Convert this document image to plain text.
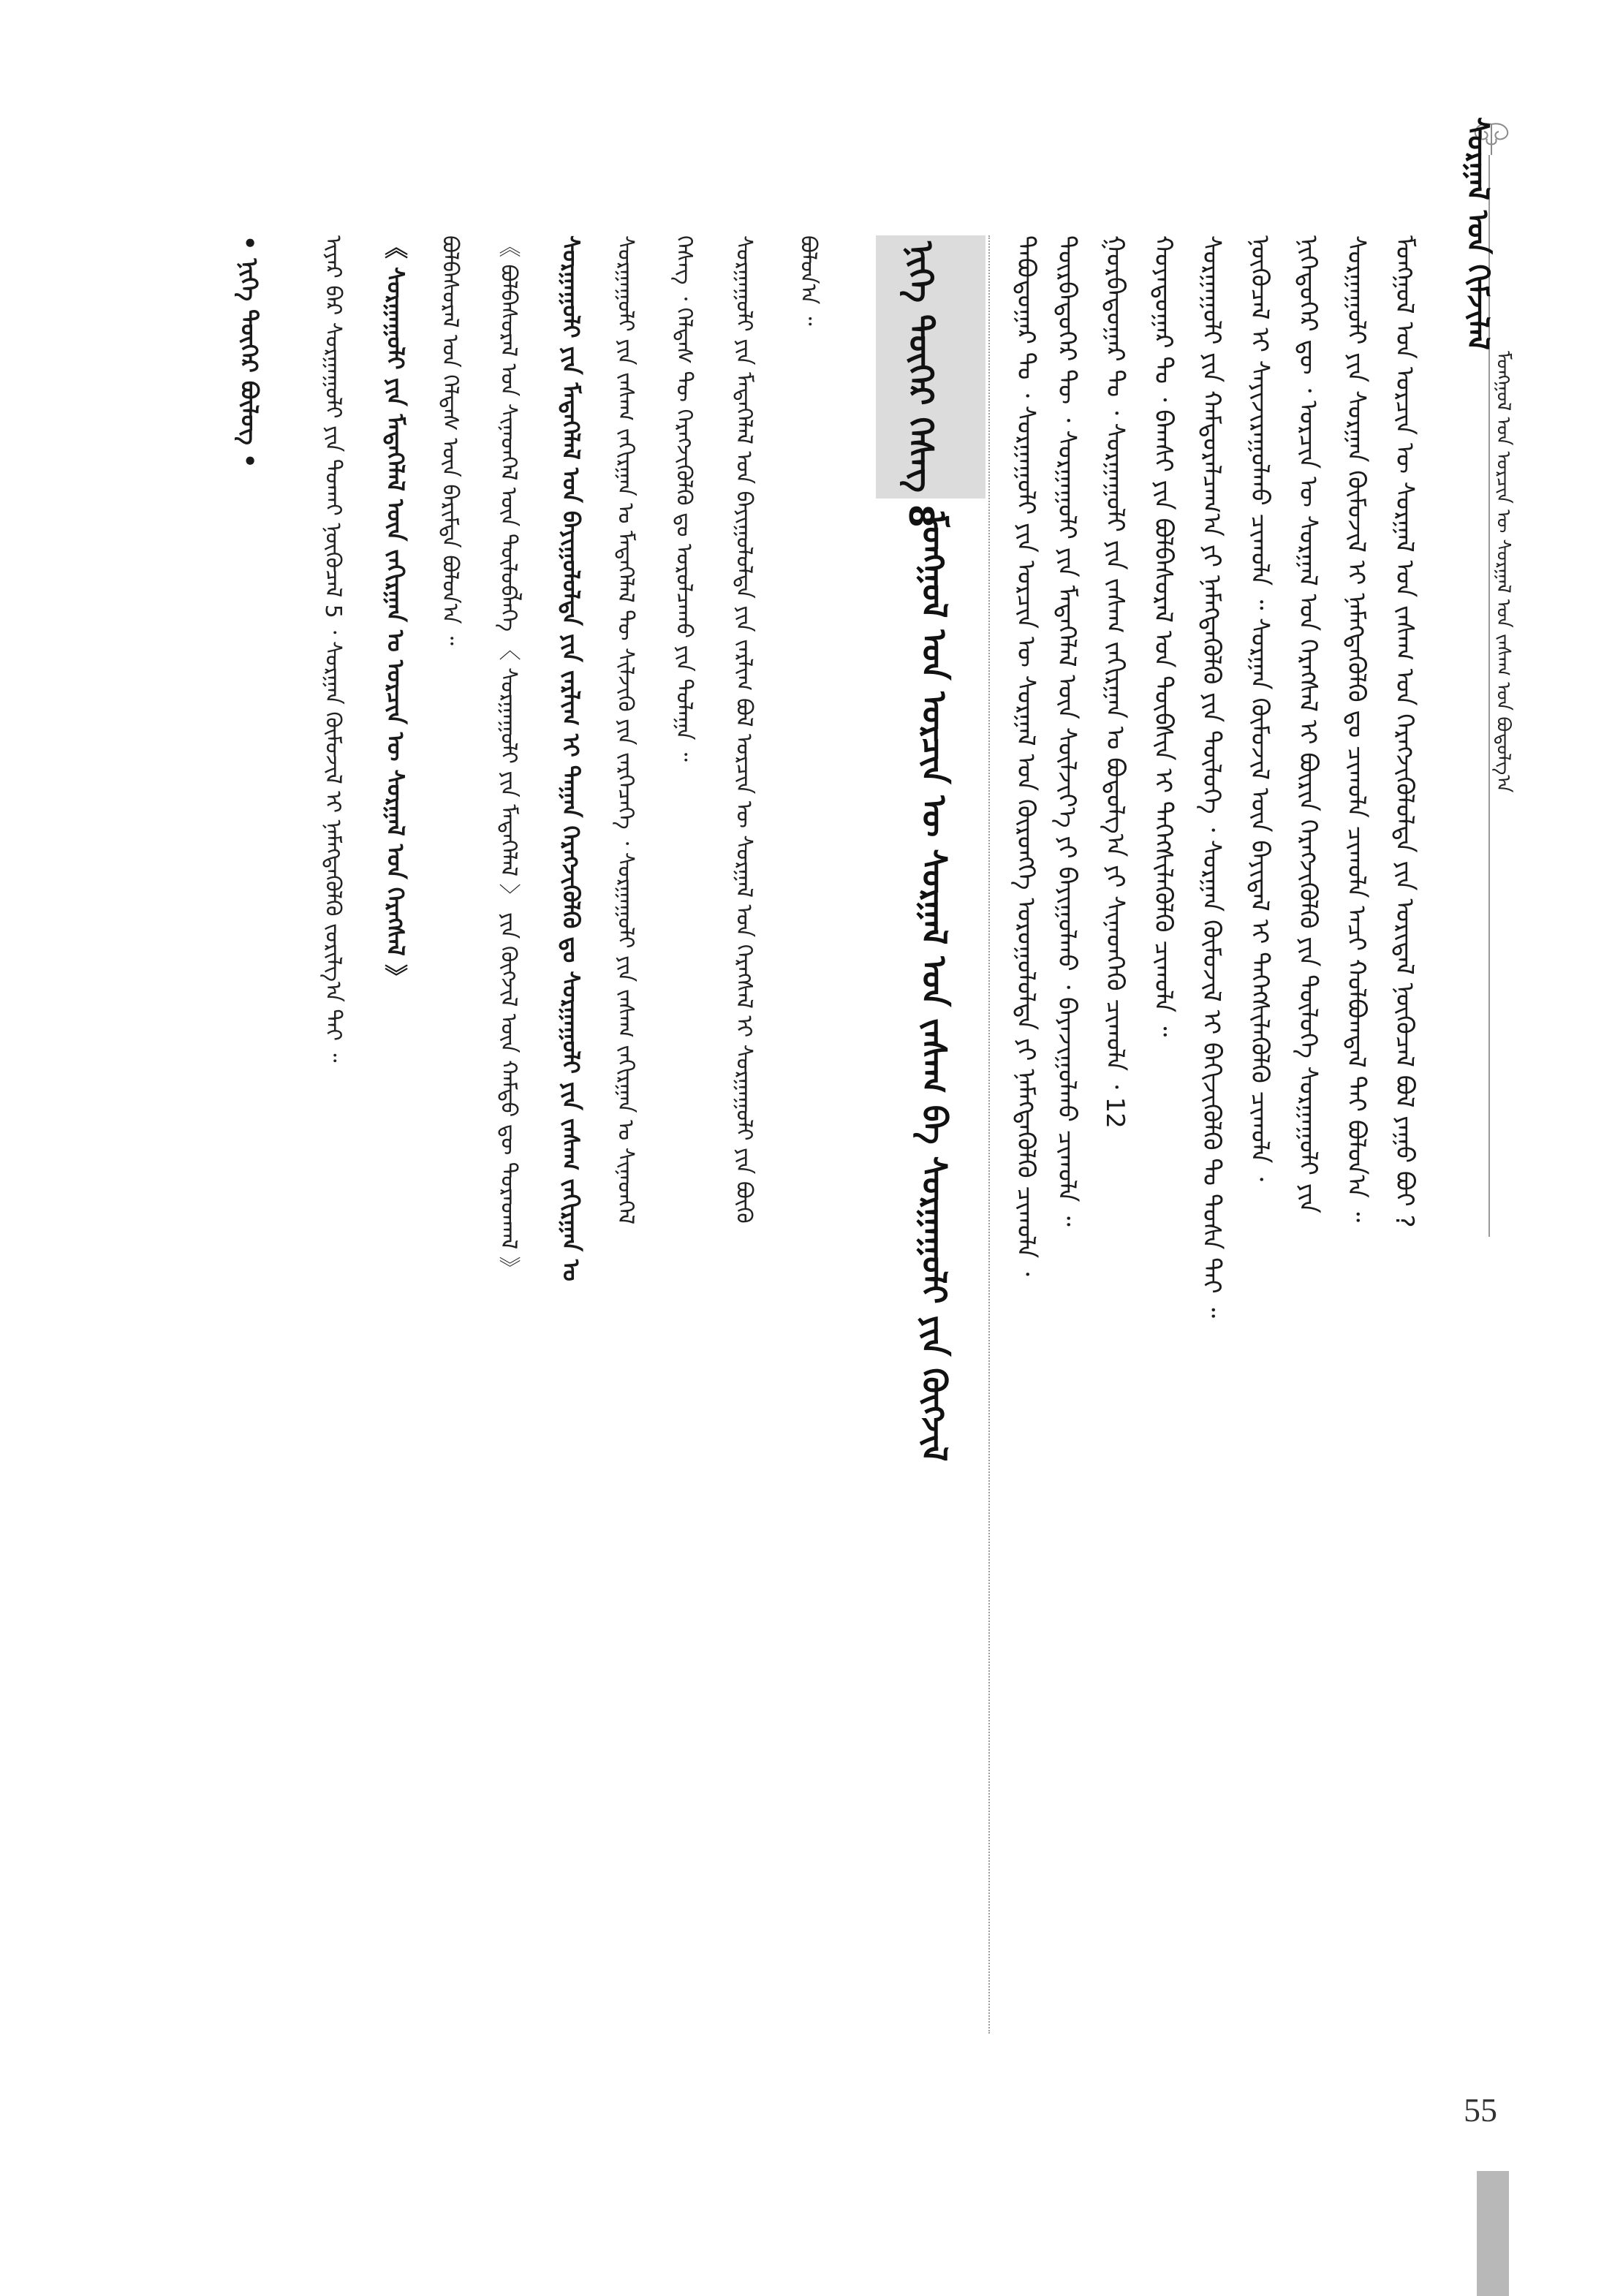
ᠮᠣᠩᠭᠤᠯ ᠤᠨ ᠣᠷᠴᠢᠨ ᠦ ᠰᠤᠷᠭᠠᠯ ᠤᠨ ᠵᠠᠰᠠᠭ ᠤᠨ ᠪᠤᠳᠤᠯᠭ᠎ᠠ
ᠰᠤᠷᠭᠠᠯ ᠤᠨ ᠬᠢᠮᠵᠢᠯᠡᠯ
ᠮᠣᠩᠭᠤᠯ ᠤᠨ ᠣᠷᠴᠢᠨ ᠦ ᠰᠤᠷᠭᠠᠯ ᠤᠨ ᠵᠠᠰᠠᠭ ᠤᠨ ᠬᠡᠷᠡᠭᠵᠢᠭᠦᠯᠦᠯᠲᠡ ᠶᠢᠨ ᠤᠷᠢᠳᠠᠯ ᠨᠦᠬᠦᠴᠡᠯ ᠪᠣᠯ ᠶᠠᠭᠤ ᠪᠤᠢ ?
ᠰᠤᠷᠭᠠᠭᠤᠯᠢ ᠶᠢᠨ ᠰᠤᠷᠭᠠᠨ ᠬᠦᠮᠦᠵᠢᠯ ᠢ ᠨᠡᠮᠡᠭᠳᠡᠭᠦᠯᠬᠦ ᠳᠤ ᠴᠢᠬᠤᠯᠠ ᠴᠢᠬᠤᠯᠠ ᠠᠴᠢ ᠬᠣᠯᠪᠣᠭᠳᠠᠯ ᠲᠠᠢ ᠪᠣᠯᠤᠨ᠎ᠠ ᠃
ᠨᠢᠭᠡᠳᠦᠭᠡᠷ ᠳᠦ ᠂ ᠣᠷᠴᠢᠨ ᠦ ᠰᠤᠷᠭᠠᠯ ᠤᠨ ᠬᠡᠷᠡᠭᠰᠡᠯ ᠢ ᠪᠦᠷᠢᠨ ᠬᠡᠷᠡᠭᠵᠢᠭᠦᠯᠬᠦ ᠶᠢᠨ ᠲᠥᠯᠦᠭᠡ ᠰᠤᠷᠭᠠᠭᠤᠯᠢ ᠶᠢᠨ
ᠨᠦᠬᠦᠴᠡᠯ ᠢ ᠰᠠᠶᠢᠵᠢᠷᠠᠭᠤᠯᠬᠤ ᠴᠢᠬᠤᠯᠠ ᠃ ᠰᠤᠷᠭᠠᠨ ᠬᠦᠮᠦᠵᠢᠯ ᠦᠨ ᠪᠠᠶᠢᠳᠠᠯ ᠢ ᠳᠡᠭᠡᠭᠰᠢᠯᠡᠭᠦᠯᠬᠦ ᠴᠢᠬᠤᠯᠠ ᠂
ᠰᠤᠷᠭᠠᠭᠤᠯᠢ ᠶᠢᠨ ᠬᠠᠮᠲᠤᠷᠠᠯᠴᠠᠭ᠎ᠠ ᠶᠢ ᠨᠡᠮᠡᠭᠳᠡᠭᠦᠯᠬᠦ ᠶᠢᠨ ᠲᠥᠯᠦᠭᠡ ᠂ ᠰᠤᠷᠭᠠᠨ ᠬᠦᠮᠦᠵᠢᠯ ᠢ ᠪᠡᠬᠢᠵᠢᠭᠦᠯᠬᠦ ᠲᠤ ᠲᠤᠰᠠ ᠲᠠᠢ ᠃
ᠬᠣᠶᠠᠳᠤᠭᠠᠷ ᠲᠤ ᠂ ᠪᠠᠭᠰᠢ ᠶᠢᠨ ᠪᠣᠯᠪᠠᠰᠤᠷᠠᠯ ᠤᠨ ᠲᠦᠪᠰᠢᠨ ᠢ ᠳᠡᠭᠡᠭᠰᠢᠯᠡᠭᠦᠯᠬᠦ ᠴᠢᠬᠤᠯᠠ ᠃
ᠭᠤᠷᠪᠠᠳᠤᠭᠠᠷ ᠲᠤ ᠂ ᠰᠤᠷᠭᠠᠭᠤᠯᠢ ᠶᠢᠨ ᠵᠠᠰᠠᠭ ᠵᠠᠬᠢᠷᠭᠠᠨ ᠤ ᠪᠣᠳᠣᠯᠭ᠎ᠠ ᠶᠢ ᠰᠢᠨᠡᠳᠭᠡᠬᠦ ᠴᠢᠬᠤᠯᠠ ᠂ 12
ᠳᠥᠷᠪᠡᠳᠦᠭᠡᠷ ᠲᠦ ᠂ ᠰᠤᠷᠭᠠᠭᠤᠯᠢ ᠶᠢᠨ ᠮᠡᠳᠡᠭᠡᠯᠡᠯ ᠦᠨ ᠰᠦᠯᠵᠢᠶ᠎ᠡ ᠶᠢ ᠪᠠᠶᠢᠭᠤᠯᠬᠤ ᠂ ᠪᠠᠶᠠᠵᠢᠭᠤᠯᠬᠤ ᠴᠢᠬᠤᠯᠠ ᠃
ᠲᠠᠪᠤᠳᠤᠭᠠᠷ ᠲᠤ ᠂ ᠰᠤᠷᠭᠠᠭᠤᠯᠢ ᠶᠢᠨ ᠣᠷᠴᠢᠨ ᠦ ᠰᠤᠷᠭᠠᠯ ᠤᠨ ᠬᠥᠷᠥᠩᠭᠡ ᠣᠷᠣᠭᠤᠯᠤᠯᠲᠠ ᠶᠢ ᠨᠡᠮᠡᠭᠳᠡᠭᠦᠯᠬᠦ ᠴᠢᠬᠤᠯᠠ ᠂
ᠨᠢᠭᠡ ᠳᠦᠭᠡᠷ ᠬᠡᠰᠡᠭ 8
ᠮᠣᠩᠭᠤᠯ ᠤᠨ ᠣᠷᠴᠢᠨ ᠦ ᠰᠤᠷᠭᠠᠯ ᠤᠨ ᠵᠠᠰᠠᠭ ᠪᠠ ᠰᠤᠷᠭᠠᠭᠤᠯᠢ ᠶᠢᠨ ᠬᠥᠭᠵᠢᠯ
ᠪᠣᠯᠤᠨ᠎ᠠ ᠃
ᠰᠤᠷᠭᠠᠭᠤᠯᠢ ᠶᠢᠨ ᠮᠡᠳᠡᠭᠡᠯᠡᠯ ᠤᠨ ᠪᠠᠶᠢᠭᠤᠯᠤᠯᠲᠠ ᠶᠢᠨ ᠵᠠᠷᠯᠢᠭ ᠪᠣᠯ ᠣᠷᠴᠢᠨ ᠦ ᠰᠤᠷᠭᠠᠯ ᠤᠨ ᠬᠡᠷᠡᠭᠰᠡᠯ ᠢ ᠰᠤᠷᠭᠠᠭᠤᠯᠢ ᠶᠢᠨ ᠪᠦᠬᠦ
ᠬᠡᠰᠡᠭ ᠂ ᠬᠡᠯᠲᠡᠰ ᠲᠦ ᠬᠡᠷᠡᠭᠵᠢᠭᠦᠯᠬᠦ ᠳᠤ ᠣᠷᠣᠯᠴᠠᠬᠤ ᠶᠢᠨ ᠲᠤᠯᠠᠭᠠ ᠃
ᠰᠤᠷᠭᠠᠭᠤᠯᠢ ᠶᠢᠨ ᠵᠠᠰᠠᠭ ᠵᠠᠬᠢᠷᠭᠠᠨ ᠤ ᠮᠡᠳᠡᠭᠡᠯᠡᠯ ᠲᠦ ᠰᠢᠯᠵᠢᠬᠦ ᠶᠢᠨ ᠵᠡᠷᠭᠡᠴᠡᠭᠡ ᠂ ᠰᠤᠷᠭᠠᠭᠤᠯᠢ ᠶᠢᠨ ᠵᠠᠰᠠᠭ ᠵᠠᠬᠢᠷᠭᠠᠨ ᠤ ᠰᠢᠨᠡᠳᠭᠡᠯ
《 ᠪᠣᠯᠪᠠᠰᠤᠷᠠᠯ ᠤᠨ ᠰᠢᠨᠡᠳᠭᠡᠯ ᠦᠨ ᠲᠥᠯᠦᠪᠯᠡᠭᠡ 〈 ᠰᠤᠷᠭᠠᠭᠤᠯᠢ ᠶᠢᠨ ᠮᠡᠳᠡᠭᠡᠯᠡᠯ 〉 ᠶᠢᠨ ᠬᠥᠭᠵᠢᠯ ᠦᠨ ᠬᠠᠮᠲᠤ ᠳᠦ ᠳᠤᠷᠠᠳᠬᠠᠯ 》
ᠪᠣᠯᠪᠠᠰᠤᠷᠠᠯ ᠤᠨ ᠬᠡᠯᠲᠡᠰ ᠦᠨ ᠪᠠᠷᠢᠮᠲᠠ ᠪᠣᠯᠤᠨ᠎ᠠ ᠃	ᠰᠤᠷᠭᠠᠭᠤᠯᠢ ᠶᠢᠨ ᠮᠡᠳᠡᠭᠡᠯᠡᠯ ᠤᠨ ᠪᠠᠶᠢᠭᠤᠯᠤᠯᠲᠠ ᠶᠢᠨ ᠵᠠᠷᠯᠢᠭ ᠢ ᠳᠠᠭᠠᠨ ᠬᠡᠷᠡᠭᠵᠢᠭᠦᠯᠬᠦ ᠳᠤ ᠰᠤᠷᠭᠠᠭᠤᠯᠢ ᠶᠢᠨ ᠵᠠᠰᠠᠭ ᠵᠠᠬᠢᠷᠭᠠᠨ ᠤ
《 ᠰᠤᠷᠭᠠᠭᠤᠯᠢ ᠶᠢᠨ ᠮᠡᠳᠡᠭᠡᠯᠡᠯ ᠦᠨ ᠵᠠᠬᠢᠷᠭᠠᠨ ᠤ ᠣᠷᠴᠢᠨ ᠦ ᠰᠤᠷᠭᠠᠯ ᠤᠨ ᠬᠡᠷᠡᠭᠰᠡᠯ 》
ᠢᠶᠡᠷ ᠪᠠᠷ ᠰᠤᠷᠭᠠᠭᠤᠯᠢ ᠶᠢᠨ ᠲᠤᠬᠠᠢ ᠨᠦᠬᠦᠴᠡᠯ 5 ᠂ ᠰᠤᠷᠭᠠᠨ ᠬᠦᠮᠦᠵᠢᠯ ᠢ ᠨᠡᠮᠡᠭᠳᠡᠭᠦᠯᠬᠦ ᠵᠣᠷᠢᠯᠭ᠎ᠠ ᠲᠠᠢ ᠃
• ᠨᠢᠭᠡ ᠳᠦᠭᠡᠷ ᠪᠦᠯᠦᠭ •
55
